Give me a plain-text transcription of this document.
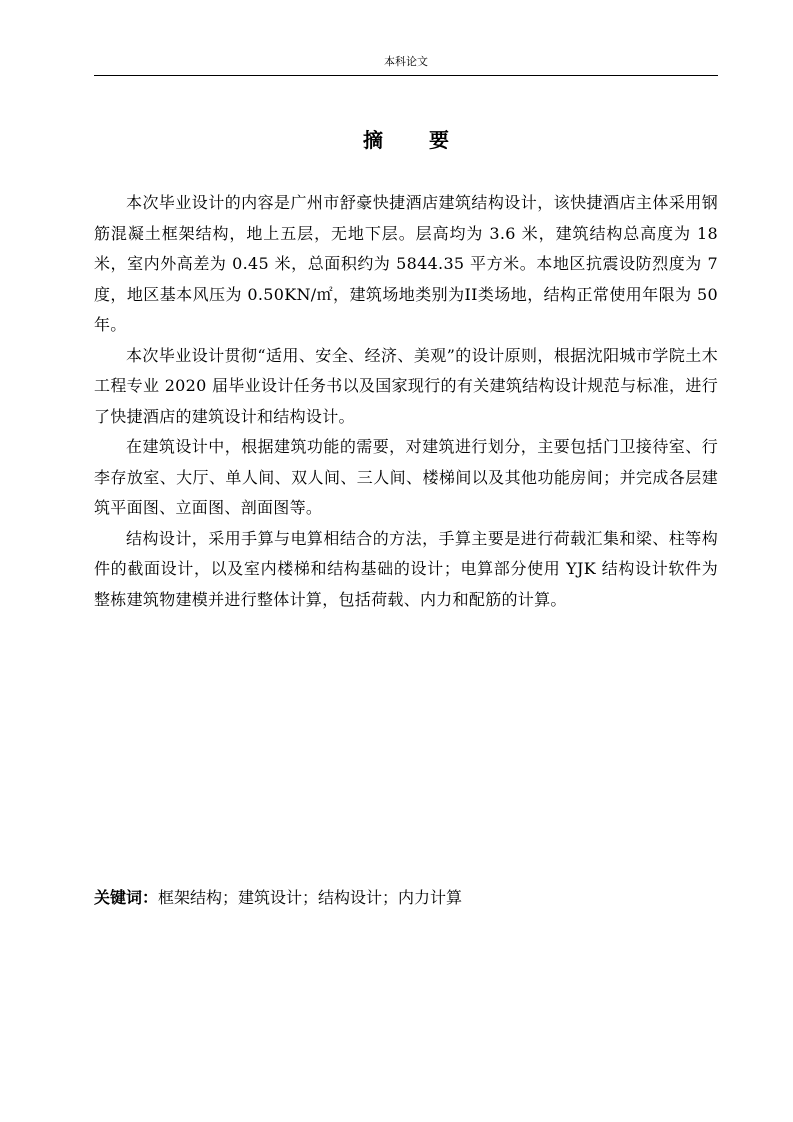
本科论文
摘 要

本次毕业设计的内容是广州市舒豪快捷酒店建筑结构设计，该快捷酒店主体采用钢筋混凝土框架结构，地上五层，无地下层。层高均为 3.6 米，建筑结构总高度为 18 米，室内外高差为 0.45 米，总面积约为 5844.35 平方米。本地区抗震设防烈度为 7 度，地区基本风压为 0.50KN/㎡，建筑场地类别为II类场地，结构正常使用年限为 50 年。

本次毕业设计贯彻“适用、安全、经济、美观”的设计原则，根据沈阳城市学院土木工程专业 2020 届毕业设计任务书以及国家现行的有关建筑结构设计规范与标准，进行了快捷酒店的建筑设计和结构设计。

在建筑设计中，根据建筑功能的需要，对建筑进行划分，主要包括门卫接待室、行李存放室、大厅、单人间、双人间、三人间、楼梯间以及其他功能房间；并完成各层建筑平面图、立面图、剖面图等。

结构设计，采用手算与电算相结合的方法，手算主要是进行荷载汇集和梁、柱等构件的截面设计，以及室内楼梯和结构基础的设计；电算部分使用 YJK 结构设计软件为整栋建筑物建模并进行整体计算，包括荷载、内力和配筋的计算。

关键词：框架结构；建筑设计；结构设计；内力计算
